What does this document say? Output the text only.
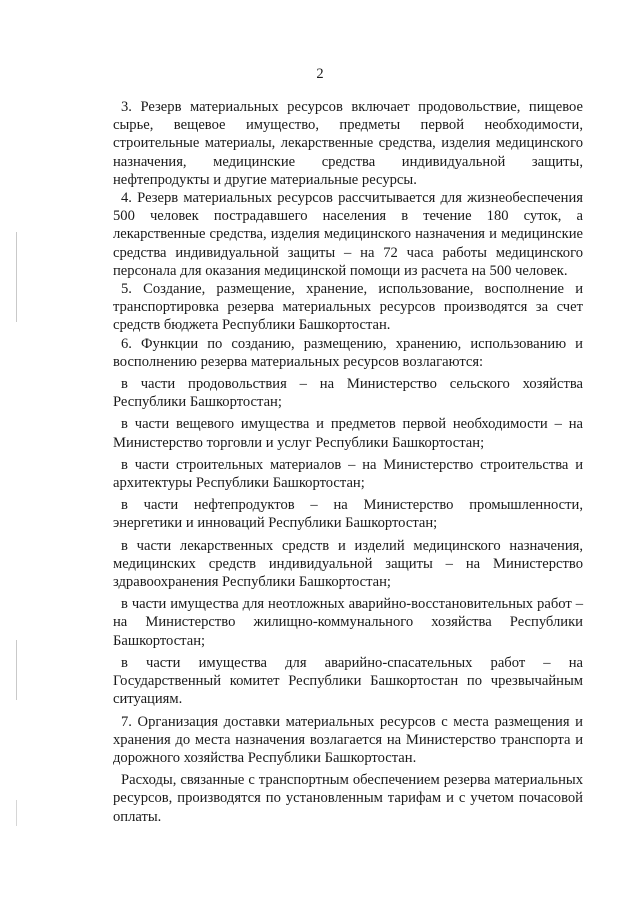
2

3. Резерв материальных ресурсов включает продовольствие, пищевое сырье, вещевое имущество, предметы первой необходимости, строительные материалы, лекарственные средства, изделия медицинского назначения, медицинские средства индивидуальной защиты, нефтепродукты и другие материальные ресурсы.

4. Резерв материальных ресурсов рассчитывается для жизнеобеспечения 500 человек пострадавшего населения в течение 180 суток, а лекарственные средства, изделия медицинского назначения и медицинские средства индивидуальной защиты – на 72 часа работы медицинского персонала для оказания медицинской помощи из расчета на 500 человек.

5. Создание, размещение, хранение, использование, восполнение и транспортировка резерва материальных ресурсов производятся за счет средств бюджета Республики Башкортостан.

6. Функции по созданию, размещению, хранению, использованию и восполнению резерва материальных ресурсов возлагаются:

в части продовольствия – на Министерство сельского хозяйства Республики Башкортостан;

в части вещевого имущества и предметов первой необходимости – на Министерство торговли и услуг Республики Башкортостан;

в части строительных материалов – на Министерство строительства и архитектуры Республики Башкортостан;

в части нефтепродуктов – на Министерство промышленности, энергетики и инноваций Республики Башкортостан;

в части лекарственных средств и изделий медицинского назначения, медицинских средств индивидуальной защиты – на Министерство здравоохранения Республики Башкортостан;

в части имущества для неотложных аварийно-восстановительных работ – на Министерство жилищно-коммунального хозяйства Республики Башкортостан;

в части имущества для аварийно-спасательных работ – на Государственный комитет Республики Башкортостан по чрезвычайным ситуациям.

7. Организация доставки материальных ресурсов с места размещения и хранения до места назначения возлагается на Министерство транспорта и дорожного хозяйства Республики Башкортостан.

Расходы, связанные с транспортным обеспечением резерва материальных ресурсов, производятся по установленным тарифам и с учетом почасовой оплаты.
